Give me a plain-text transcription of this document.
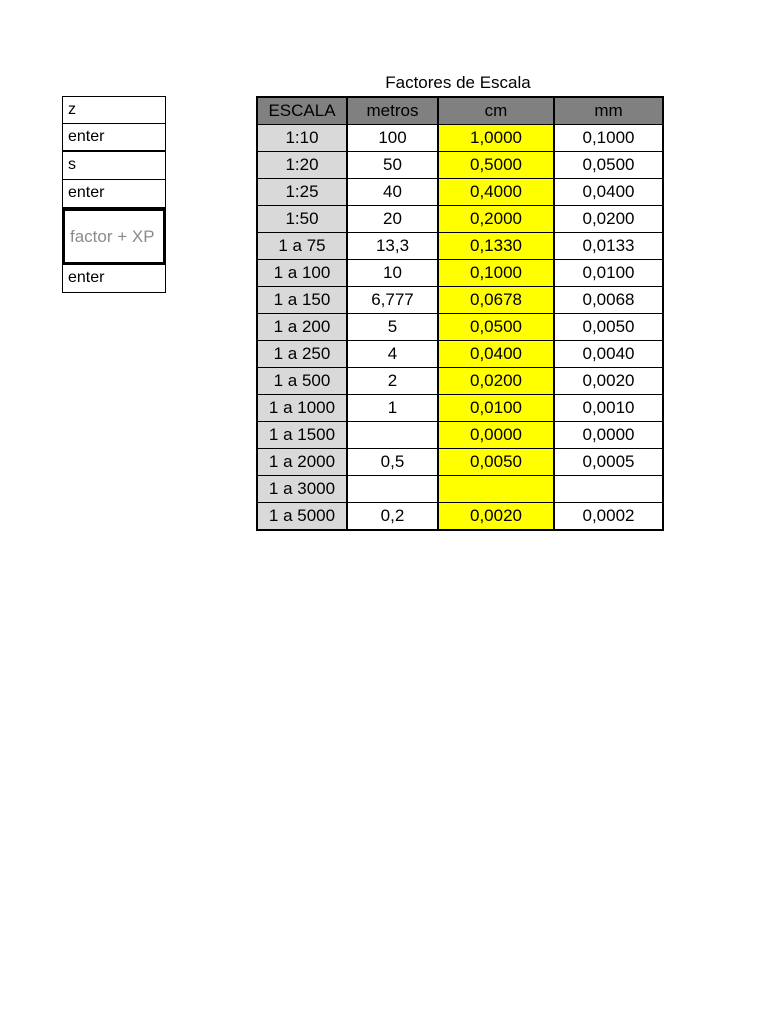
z
enter
s
enter
factor + XP
enter
Factores de Escala
ESCALA	metros	cm	mm
1:10	100	1,0000	0,1000
1:20	50	0,5000	0,0500
1:25	40	0,4000	0,0400
1:50	20	0,2000	0,0200
1 a 75	13,3	0,1330	0,0133
1 a 100	10	0,1000	0,0100
1 a 150	6,777	0,0678	0,0068
1 a 200	5	0,0500	0,0050
1 a 250	4	0,0400	0,0040
1 a 500	2	0,0200	0,0020
1 a 1000	1	0,0100	0,0010
1 a 1500		0,0000	0,0000
1 a 2000	0,5	0,0050	0,0005
1 a 3000			
1 a 5000	0,2	0,0020	0,0002
